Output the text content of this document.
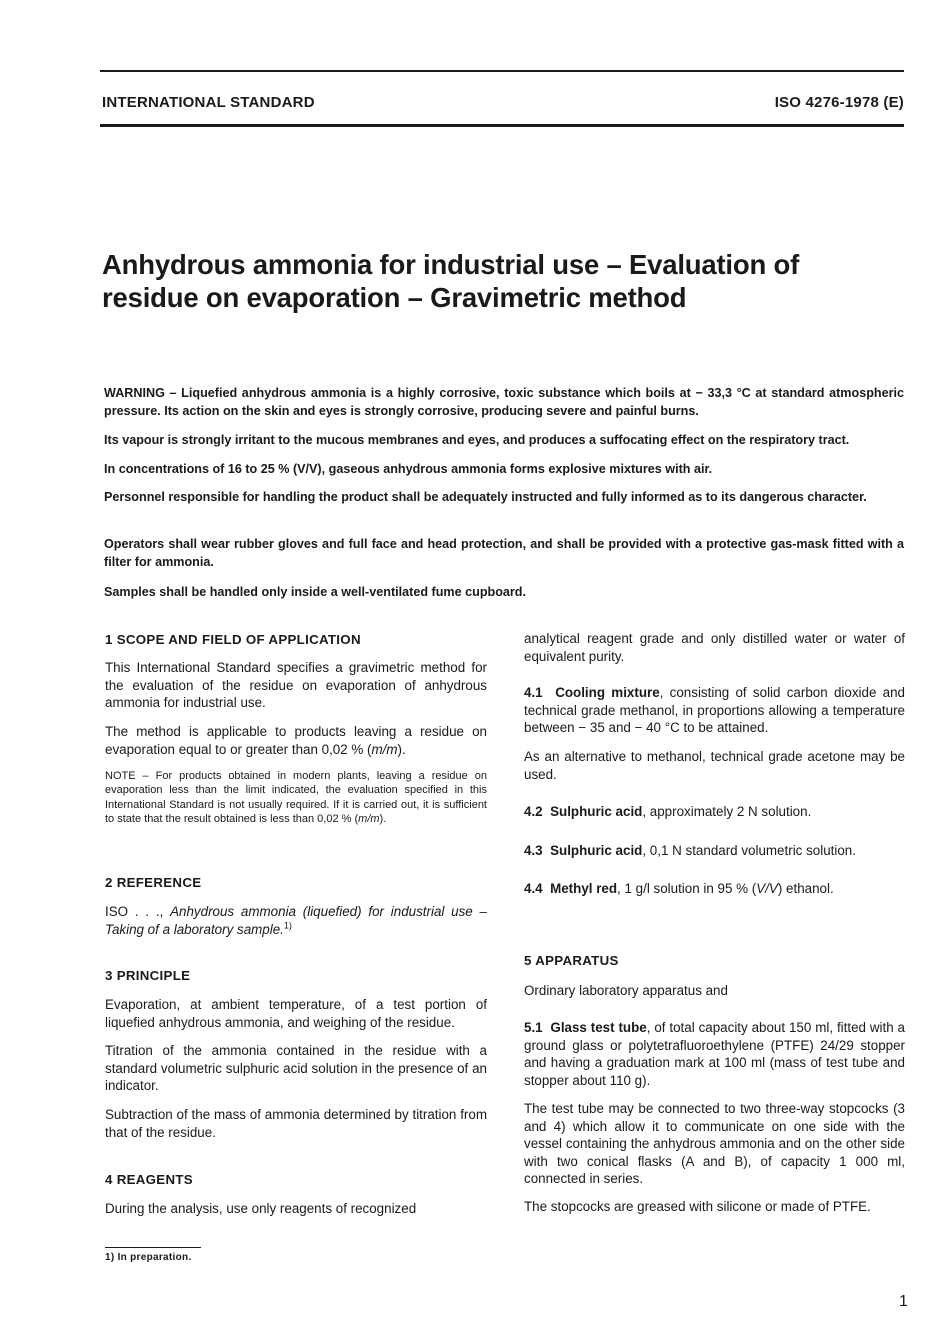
INTERNATIONAL STANDARD	ISO 4276-1978 (E)
Anhydrous ammonia for industrial use – Evaluation of
residue on evaporation – Gravimetric method

WARNING – Liquefied anhydrous ammonia is a highly corrosive, toxic substance which boils at − 33,3 °C at standard atmospheric pressure. Its action on the skin and eyes is strongly corrosive, producing severe and painful burns.

Its vapour is strongly irritant to the mucous membranes and eyes, and produces a suffocating effect on the respiratory tract.

In concentrations of 16 to 25 % (V/V), gaseous anhydrous ammonia forms explosive mixtures with air.

Personnel responsible for handling the product shall be adequately instructed and fully informed as to its dangerous character.

Operators shall wear rubber gloves and full face and head protection, and shall be provided with a protective gas-mask fitted with a filter for ammonia.

Samples shall be handled only inside a well-ventilated fume cupboard.

1 SCOPE AND FIELD OF APPLICATION

This International Standard specifies a gravimetric method for the evaluation of the residue on evaporation of anhydrous ammonia for industrial use.

The method is applicable to products leaving a residue on evaporation equal to or greater than 0,02 % (m/m).

NOTE – For products obtained in modern plants, leaving a residue on evaporation less than the limit indicated, the evaluation specified in this International Standard is not usually required. If it is carried out, it is sufficient to state that the result obtained is less than 0,02 % (m/m).

2 REFERENCE

ISO . . ., Anhydrous ammonia (liquefied) for industrial use – Taking of a laboratory sample.$^{1)}$

3 PRINCIPLE

Evaporation, at ambient temperature, of a test portion of liquefied anhydrous ammonia, and weighing of the residue.

Titration of the ammonia contained in the residue with a standard volumetric sulphuric acid solution in the presence of an indicator.

Subtraction of the mass of ammonia determined by titration from that of the residue.

4 REAGENTS

During the analysis, use only reagents of recognized

1) In preparation.

analytical reagent grade and only distilled water or water of equivalent purity.

4.1 Cooling mixture, consisting of solid carbon dioxide and technical grade methanol, in proportions allowing a temperature between − 35 and − 40 °C to be attained.

As an alternative to methanol, technical grade acetone may be used.

4.2 Sulphuric acid, approximately 2 N solution.

4.3 Sulphuric acid, 0,1 N standard volumetric solution.

4.4 Methyl red, 1 g/l solution in 95 % (V/V) ethanol.

5 APPARATUS

Ordinary laboratory apparatus and

5.1 Glass test tube, of total capacity about 150 ml, fitted with a ground glass or polytetrafluoroethylene (PTFE) 24/29 stopper and having a graduation mark at 100 ml (mass of test tube and stopper about 110 g).

The test tube may be connected to two three-way stopcocks (3 and 4) which allow it to communicate on one side with the vessel containing the anhydrous ammonia and on the other side with two conical flasks (A and B), of capacity 1 000 ml, connected in series.

The stopcocks are greased with silicone or made of PTFE.

1
